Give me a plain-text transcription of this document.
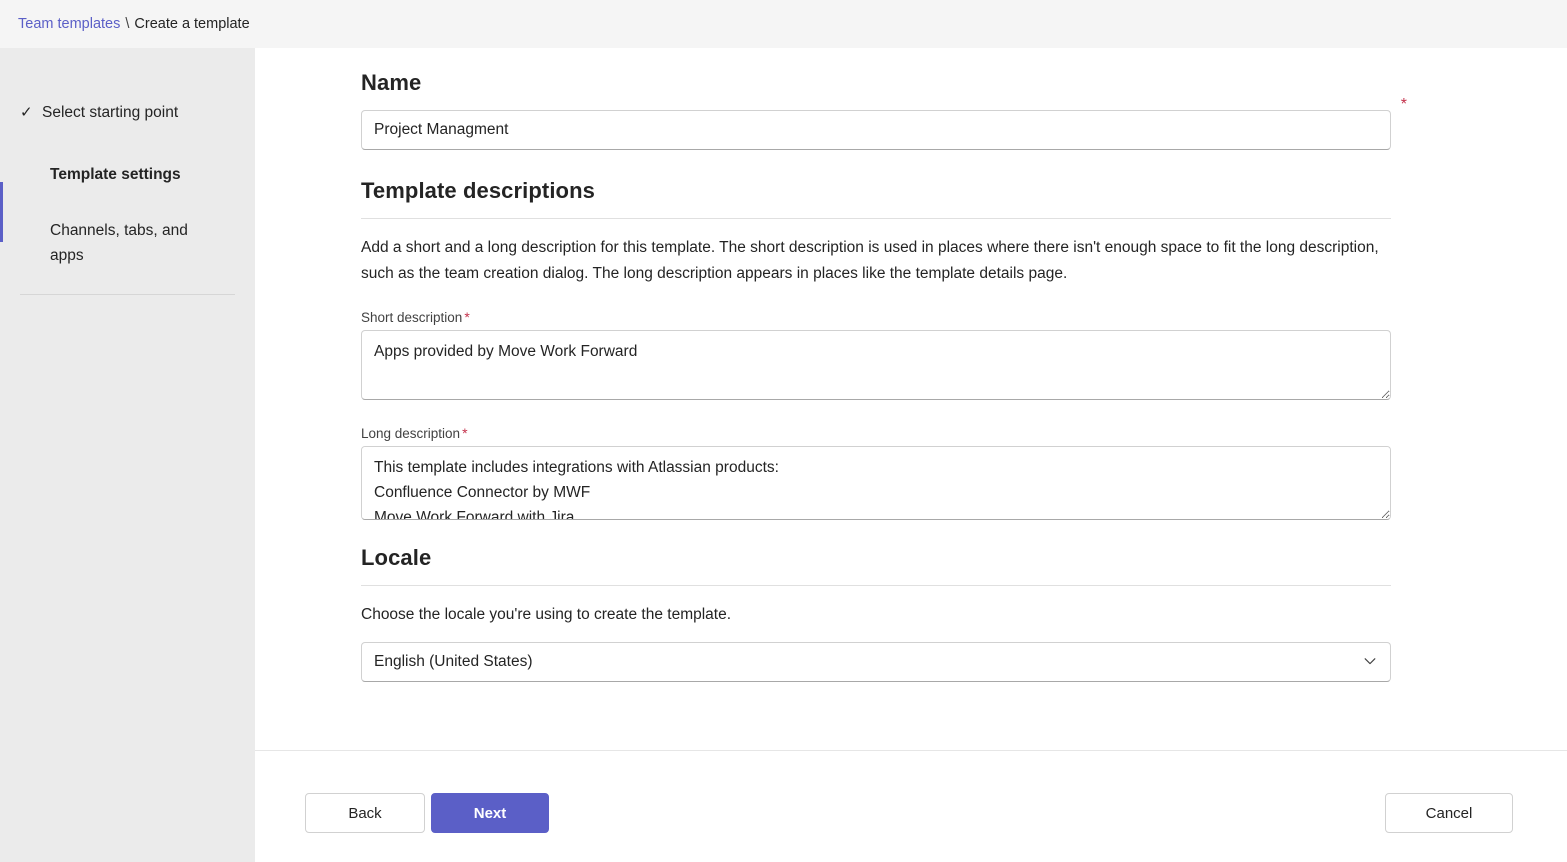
Team templates \ Create a template
✓ Select starting point
Template settings
Channels, tabs, and apps
Name
Project Managment
*
Template descriptions

Add a short and a long description for this template. The short description is used in places where there isn't enough space to fit the long description, such as the team creation dialog. The long description appears in places like the template details page.

Short description *
Apps provided by Move Work Forward
Long description *
This template includes integrations with Atlassian products: Confluence Connector by MWF Move Work Forward with Jira
Locale

Choose the locale you're using to create the template.

English (United States)
Back	Next	Cancel
